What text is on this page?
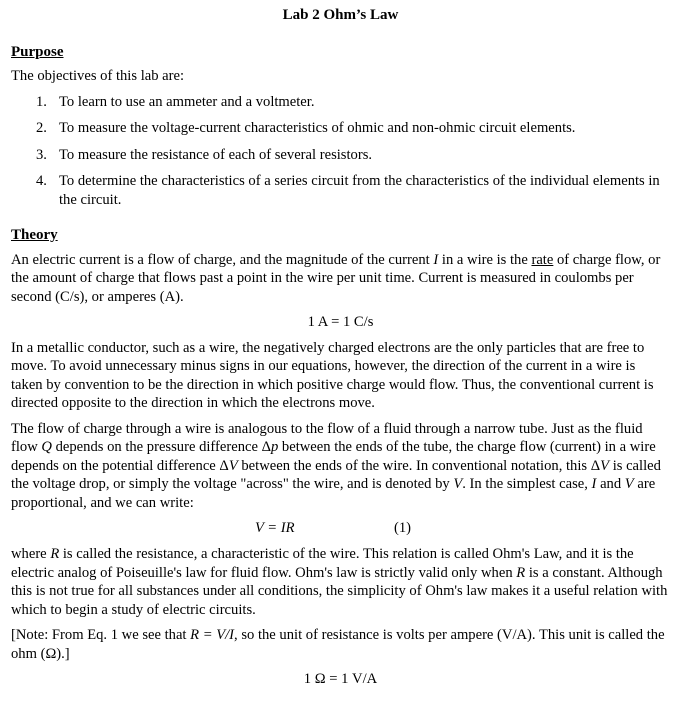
Lab 2 Ohm’s Law
Purpose

The objectives of this lab are:

1. To learn to use an ammeter and a voltmeter.
2. To measure the voltage-current characteristics of ohmic and non-ohmic circuit elements.
3. To measure the resistance of each of several resistors.
4. To determine the characteristics of a series circuit from the characteristics of the individual elements in the circuit.
Theory

An electric current is a flow of charge, and the magnitude of the current I in a wire is the rate of charge flow, or the amount of charge that flows past a point in the wire per unit time. Current is measured in coulombs per second (C/s), or amperes (A).

1 A = 1 C/s

In a metallic conductor, such as a wire, the negatively charged electrons are the only particles that are free to move. To avoid unnecessary minus signs in our equations, however, the direction of the current in a wire is taken by convention to be the direction in which positive charge would flow. Thus, the conventional current is directed opposite to the direction in which the electrons move.

The flow of charge through a wire is analogous to the flow of a fluid through a narrow tube. Just as the fluid flow Q depends on the pressure difference Δp between the ends of the tube, the charge flow (current) in a wire depends on the potential difference ΔV between the ends of the wire. In conventional notation, this ΔV is called the voltage drop, or simply the voltage "across" the wire, and is denoted by V. In the simplest case, I and V are proportional, and we can write:

V = IR	(1)

where R is called the resistance, a characteristic of the wire. This relation is called Ohm's Law, and it is the electric analog of Poiseuille's law for fluid flow. Ohm's law is strictly valid only when R is a constant. Although this is not true for all substances under all conditions, the simplicity of Ohm's law makes it a useful relation with which to begin a study of electric circuits.

[Note: From Eq. 1 we see that R = V/I, so the unit of resistance is volts per ampere (V/A). This unit is called the ohm (Ω).]

1 Ω = 1 V/A
